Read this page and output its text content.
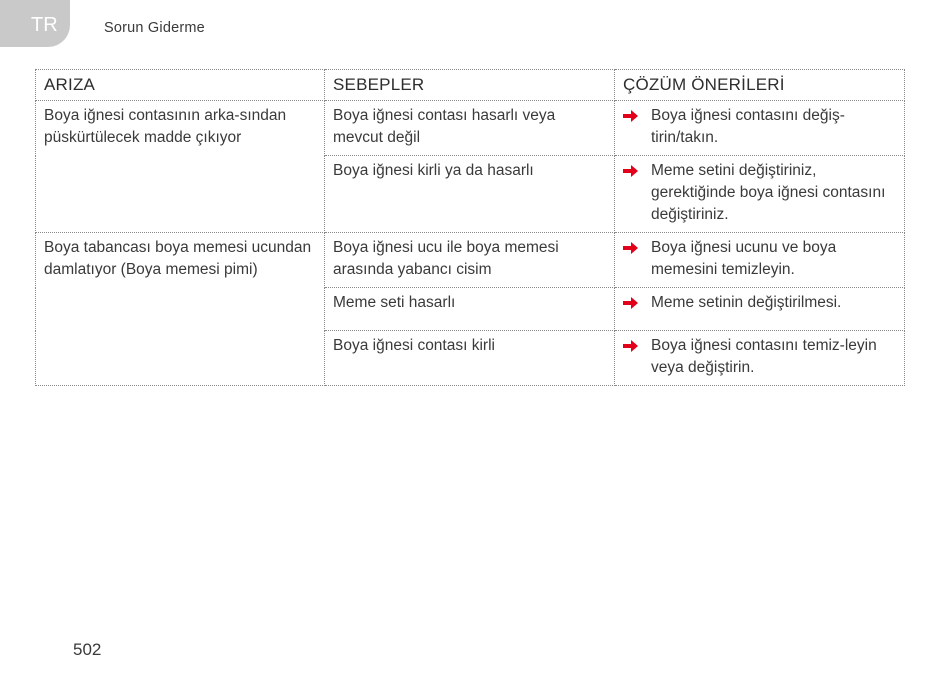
TR	Sorun Giderme
ARIZA	SEBEPLER	ÇÖZÜM ÖNERİLERİ
Boya iğnesi contasının arka-sından püskürtülecek madde çıkıyor	Boya iğnesi contası hasarlı veya mevcut değil	Boya iğnesi contasını değiş-tirin/takın.

	Boya iğnesi kirli ya da hasarlı	Meme setini değiştiriniz, gerektiğinde boya iğnesi contasını değiştiriniz.

Boya tabancası boya memesi ucundan damlatıyor (Boya memesi pimi)	Boya iğnesi ucu ile boya memesi arasında yabancı cisim	Boya iğnesi ucunu ve boya memesini temizleyin.

	Meme seti hasarlı	Meme setinin değiştirilmesi.

	Boya iğnesi contası kirli	Boya iğnesi contasını temiz-leyin veya değiştirin.
502
